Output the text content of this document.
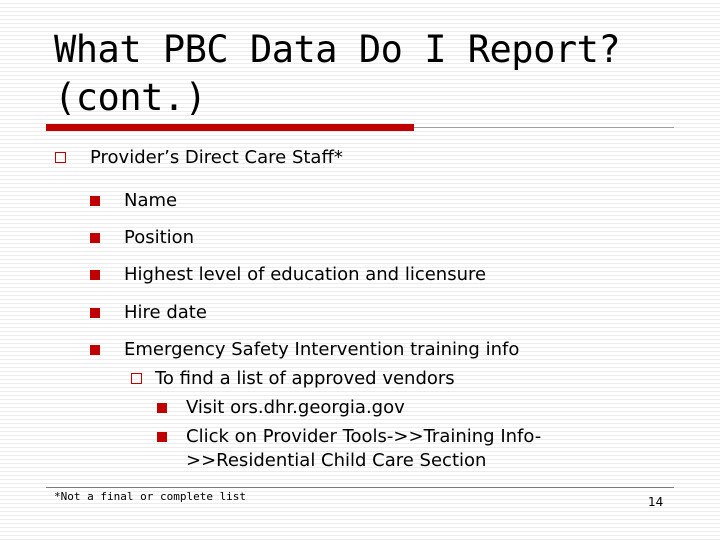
What PBC Data Do I Report?
(cont.)
Provider’s Direct Care Staff*
Name
Position
Highest level of education and licensure
Hire date
Emergency Safety Intervention training info
To find a list of approved vendors
Visit ors.dhr.georgia.gov
Click on Provider Tools->>Training Info-
>>Residential Child Care Section
*Not a final or complete list	14
